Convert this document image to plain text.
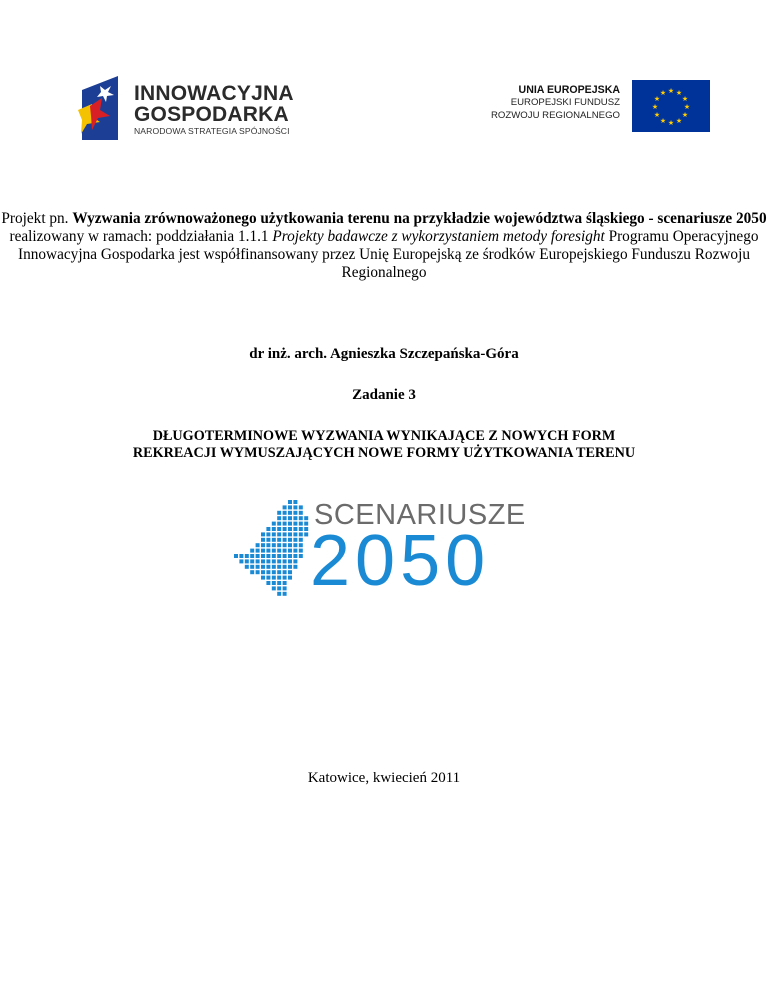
INNOWACYJNA
GOSPODARKA
NARODOWA STRATEGIA SPÓJNOŚCI
UNIA EUROPEJSKA
EUROPEJSKI FUNDUSZ
ROZWOJU REGIONALNEGO
★ ★
★
★
★
★
★
★
★
★
★
★
Projekt pn. Wyzwania zrównoważonego użytkowania terenu na przykładzie województwa śląskiego - scenariusze 2050
realizowany w ramach: poddziałania 1.1.1 Projekty badawcze z wykorzystaniem metody foresight Programu Operacyjnego Innowacyjna Gospodarka jest współfinansowany przez Unię Europejską ze środków Europejskiego Funduszu Rozwoju Regionalnego
dr inż. arch. Agnieszka Szczepańska-Góra
Zadanie 3
DŁUGOTERMINOWE WYZWANIA WYNIKAJĄCE Z NOWYCH FORM
REKREACJI WYMUSZAJĄCYCH NOWE FORMY UŻYTKOWANIA TERENU
SCENARIUSZE
2050
Katowice, kwiecień 2011
